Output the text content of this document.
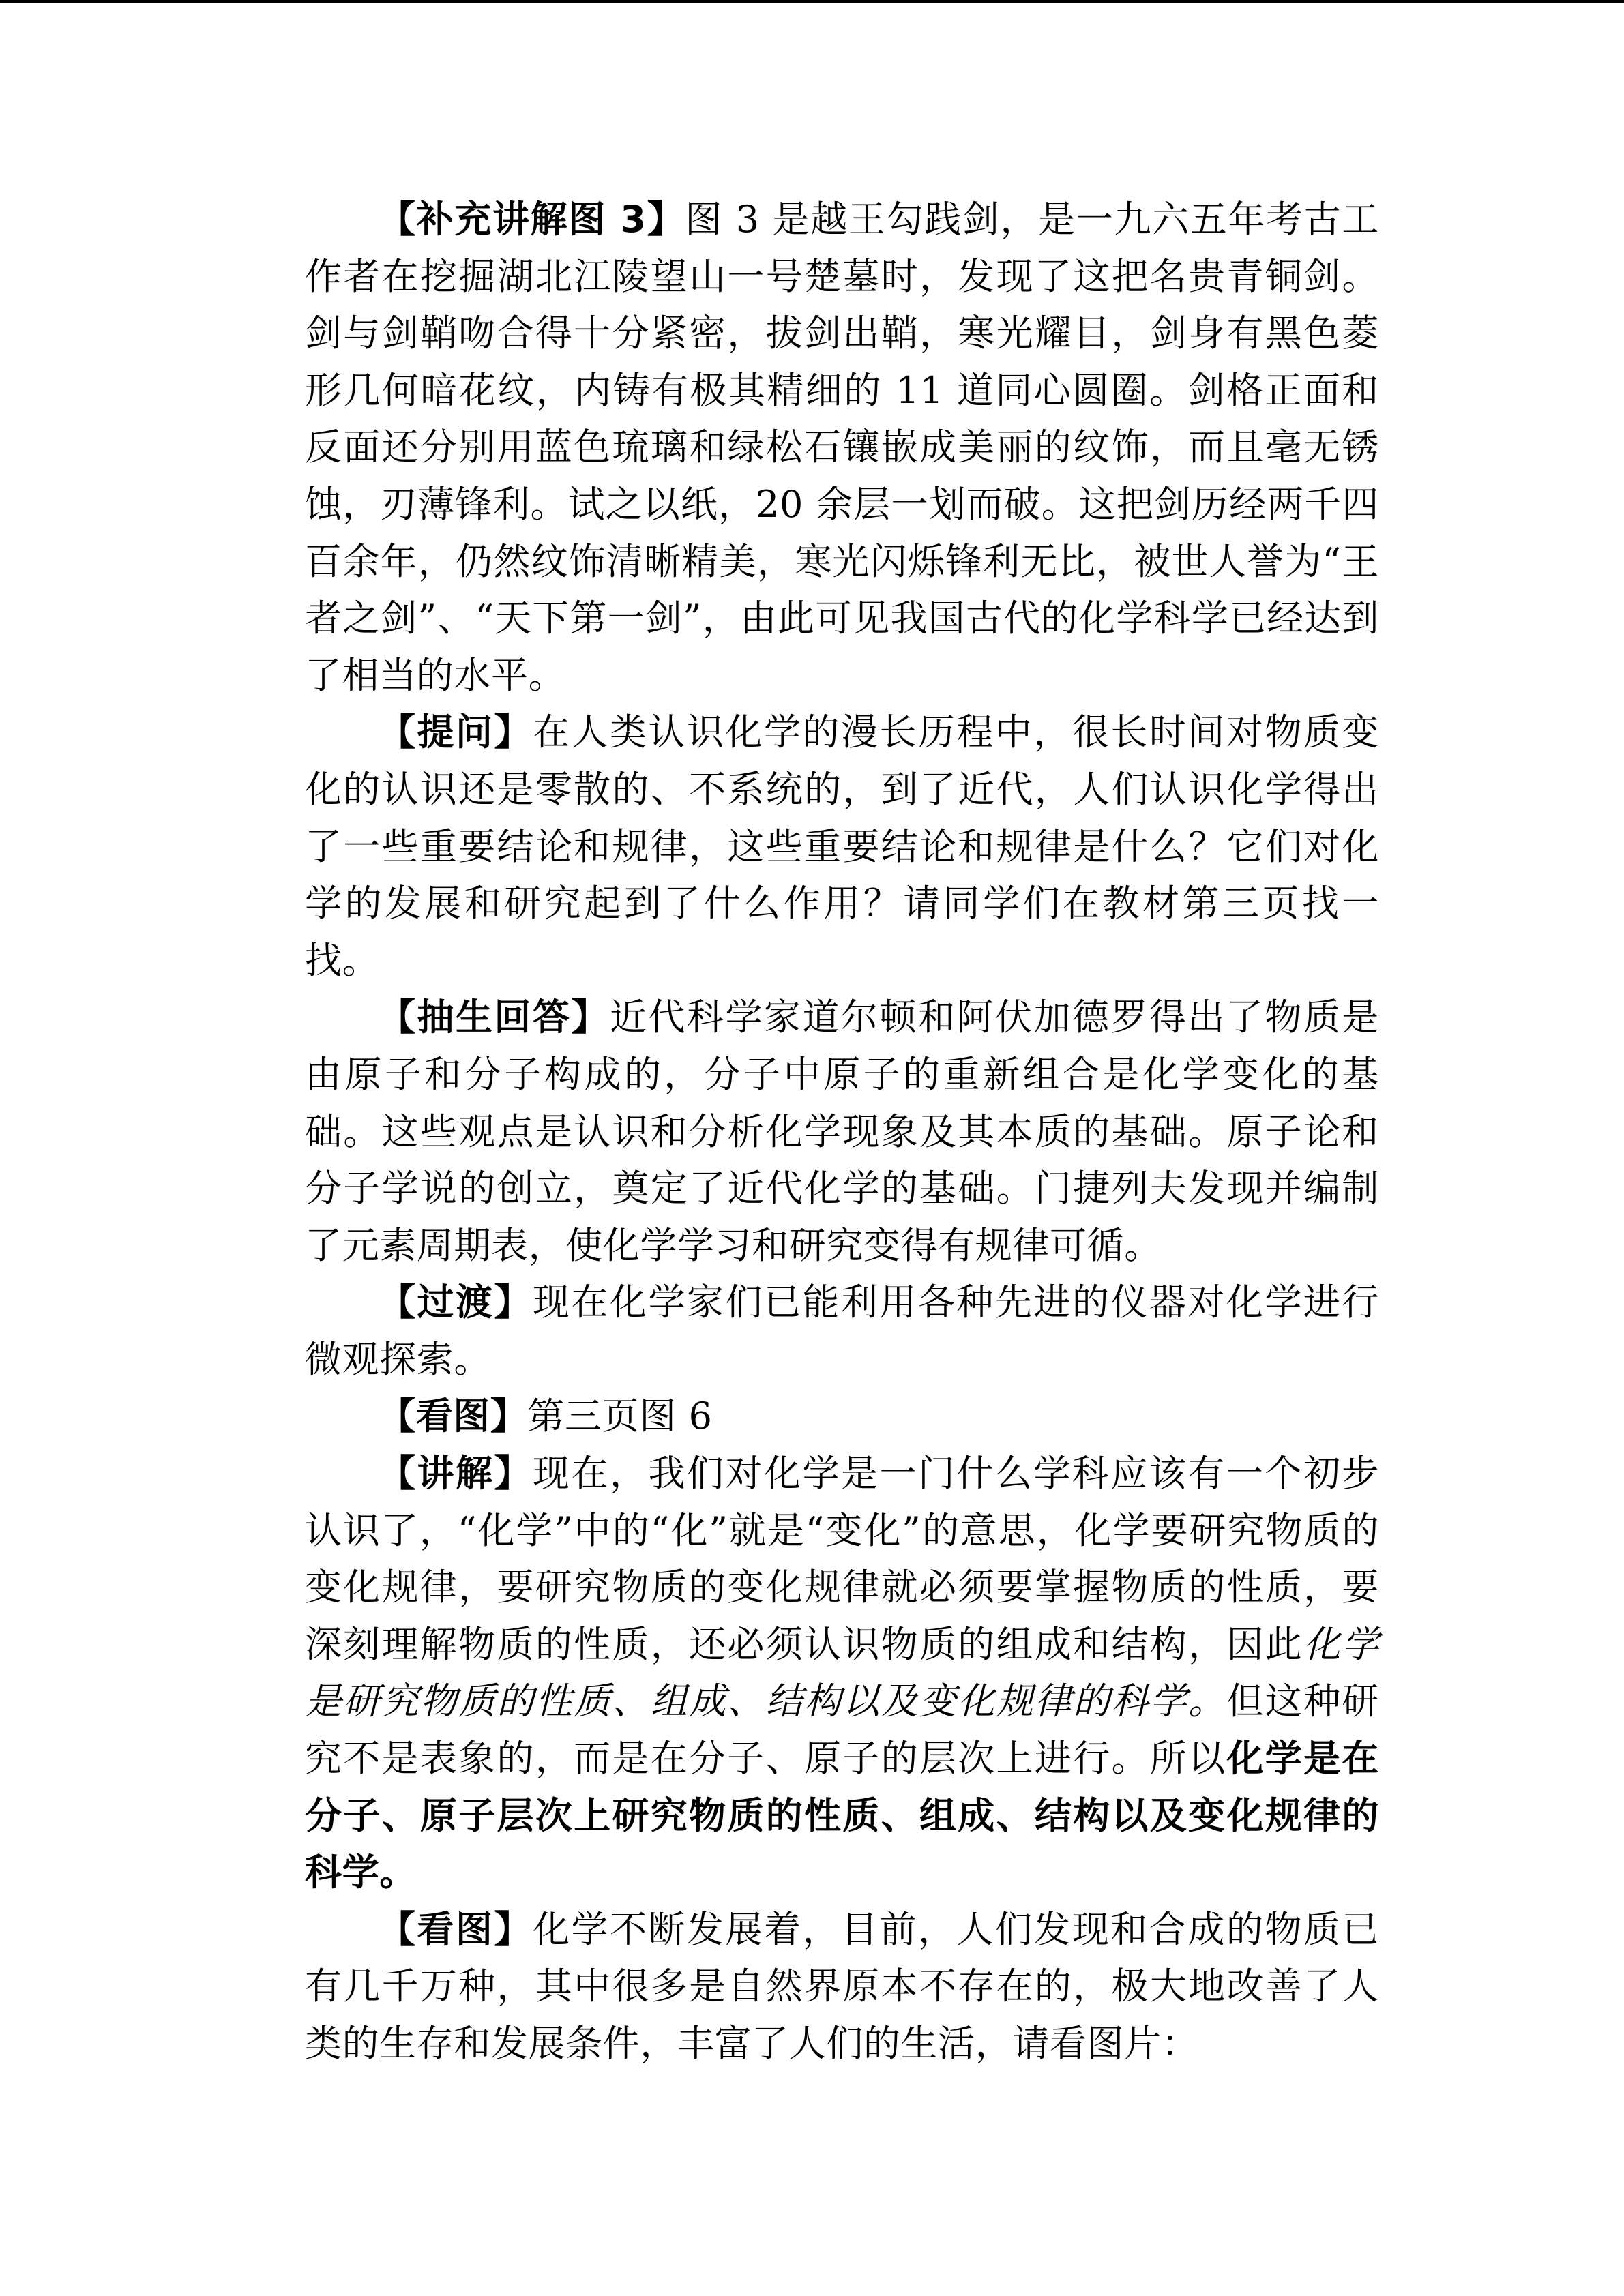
【补充讲解图 3】图 3 是越王勾践剑，是一九六五年考古工作者在挖掘湖北江陵望山一号楚墓时，发现了这把名贵青铜剑。剑与剑鞘吻合得十分紧密，拔剑出鞘，寒光耀目，剑身有黑色菱形几何暗花纹，内铸有极其精细的 11 道同心圆圈。剑格正面和反面还分别用蓝色琉璃和绿松石镶嵌成美丽的纹饰，而且毫无锈蚀，刃薄锋利。试之以纸，20 余层一划而破。这把剑历经两千四百余年，仍然纹饰清晰精美，寒光闪烁锋利无比，被世人誉为“王者之剑”、“天下第一剑”，由此可见我国古代的化学科学已经达到了相当的水平。

【提问】在人类认识化学的漫长历程中，很长时间对物质变化的认识还是零散的、不系统的，到了近代，人们认识化学得出了一些重要结论和规律，这些重要结论和规律是什么？它们对化学的发展和研究起到了什么作用？请同学们在教材第三页找一找。

【抽生回答】近代科学家道尔顿和阿伏加德罗得出了物质是由原子和分子构成的，分子中原子的重新组合是化学变化的基础。这些观点是认识和分析化学现象及其本质的基础。原子论和分子学说的创立，奠定了近代化学的基础。门捷列夫发现并编制了元素周期表，使化学学习和研究变得有规律可循。

【过渡】现在化学家们已能利用各种先进的仪器对化学进行微观探索。

【看图】第三页图 6

【讲解】现在，我们对化学是一门什么学科应该有一个初步认识了，“化学”中的“化”就是“变化”的意思，化学要研究物质的变化规律，要研究物质的变化规律就必须要掌握物质的性质，要深刻理解物质的性质，还必须认识物质的组成和结构，因此化学是研究物质的性质、组成、结构以及变化规律的科学。但这种研究不是表象的，而是在分子、原子的层次上进行。所以化学是在分子、原子层次上研究物质的性质、组成、结构以及变化规律的科学。

【看图】化学不断发展着，目前，人们发现和合成的物质已有几千万种，其中很多是自然界原本不存在的，极大地改善了人类的生存和发展条件，丰富了人们的生活，请看图片：
